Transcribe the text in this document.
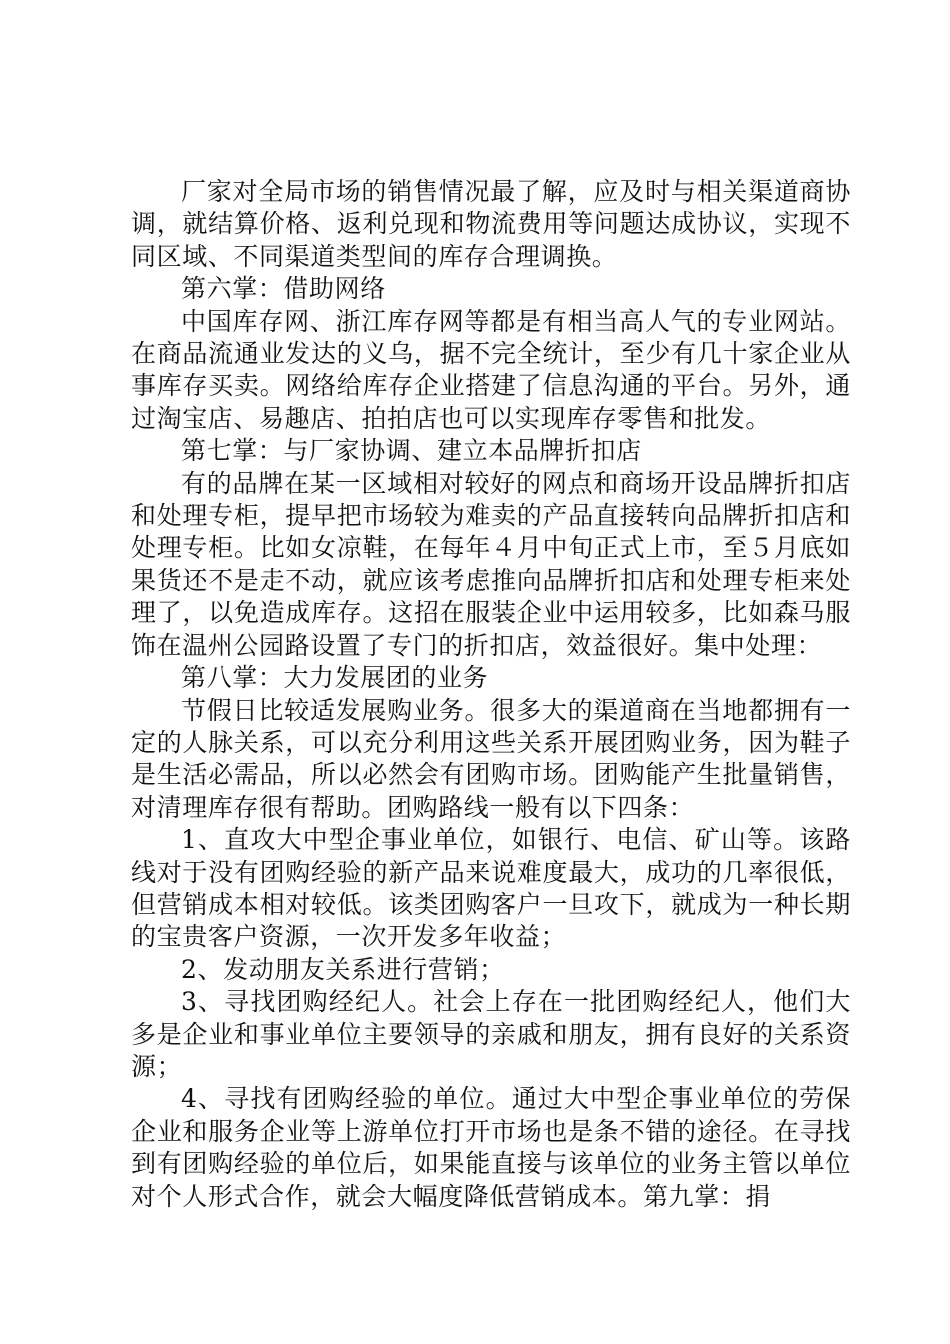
厂家对全局市场的销售情况最了解，应及时与相关渠道商协调，就结算价格、返利兑现和物流费用等问题达成协议，实现不同区域、不同渠道类型间的库存合理调换。

第六掌：借助网络

中国库存网、浙江库存网等都是有相当高人气的专业网站。在商品流通业发达的义乌，据不完全统计，至少有几十家企业从事库存买卖。网络给库存企业搭建了信息沟通的平台。另外，通过淘宝店、易趣店、拍拍店也可以实现库存零售和批发。

第七掌：与厂家协调、建立本品牌折扣店

有的品牌在某一区域相对较好的网点和商场开设品牌折扣店和处理专柜，提早把市场较为难卖的产品直接转向品牌折扣店和处理专柜。比如女凉鞋，在每年４月中旬正式上市，至５月底如果货还不是走不动，就应该考虑推向品牌折扣店和处理专柜来处理了，以免造成库存。这招在服装企业中运用较多，比如森马服饰在温州公园路设置了专门的折扣店，效益很好。集中处理：

第八掌：大力发展团的业务

节假日比较适发展购业务。很多大的渠道商在当地都拥有一定的人脉关系，可以充分利用这些关系开展团购业务，因为鞋子是生活必需品，所以必然会有团购市场。团购能产生批量销售，对清理库存很有帮助。团购路线一般有以下四条：

1、直攻大中型企事业单位，如银行、电信、矿山等。该路线对于没有团购经验的新产品来说难度最大，成功的几率很低，但营销成本相对较低。该类团购客户一旦攻下，就成为一种长期的宝贵客户资源，一次开发多年收益；

2、发动朋友关系进行营销；

3、寻找团购经纪人。社会上存在一批团购经纪人，他们大多是企业和事业单位主要领导的亲戚和朋友，拥有良好的关系资源；

4、寻找有团购经验的单位。通过大中型企事业单位的劳保企业和服务企业等上游单位打开市场也是条不错的途径。在寻找到有团购经验的单位后，如果能直接与该单位的业务主管以单位对个人形式合作，就会大幅度降低营销成本。第九掌：捐
